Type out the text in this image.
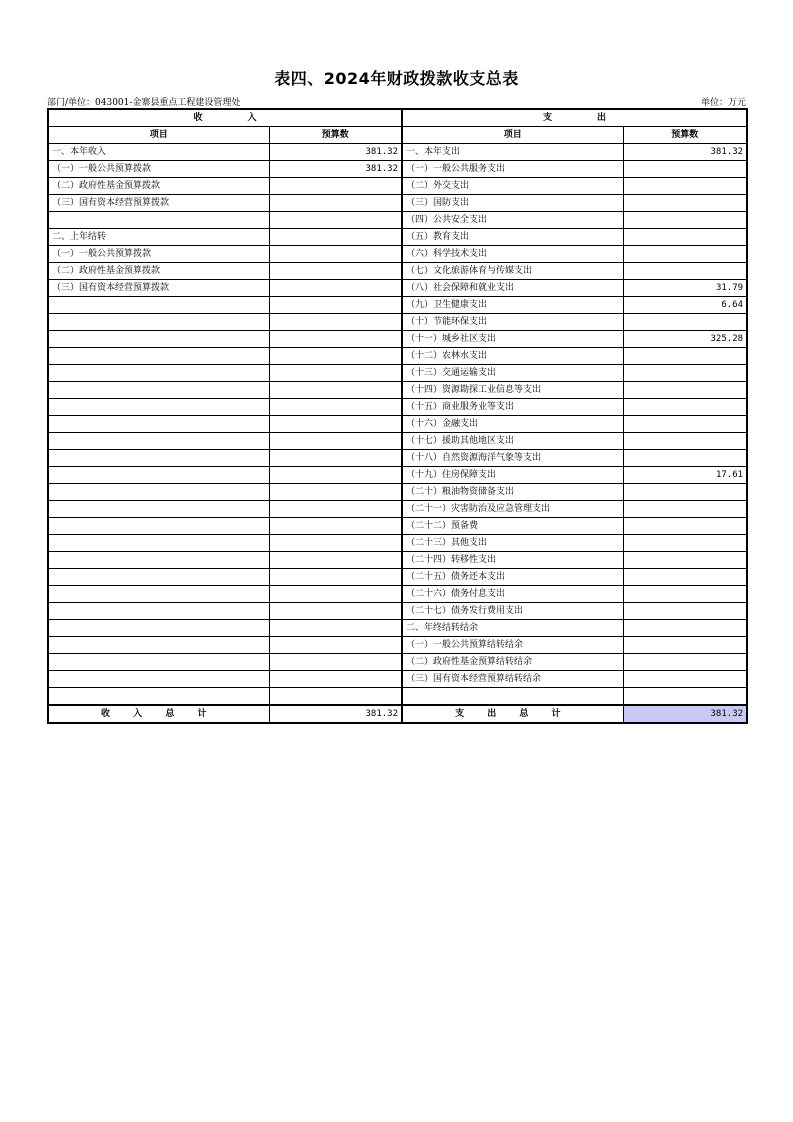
表四、2024年财政拨款收支总表
部门/单位：043001-金寨县重点工程建设管理处	单位：万元
收　　　　　入		支　　　　　出	
项目	预算数	项目	预算数
一、本年收入	381.32	一、本年支出	381.32
（一）一般公共预算拨款	381.32	（一）一般公共服务支出	
（二）政府性基金预算拨款		（二）外交支出	
（三）国有资本经营预算拨款		（三）国防支出	
		（四）公共安全支出	
二、上年结转		（五）教育支出	
（一）一般公共预算拨款		（六）科学技术支出	
（二）政府性基金预算拨款		（七）文化旅游体育与传媒支出	
（三）国有资本经营预算拨款		（八）社会保障和就业支出	31.79
		（九）卫生健康支出	6.64
		（十）节能环保支出	
		（十一）城乡社区支出	325.28
		（十二）农林水支出	
		（十三）交通运输支出	
		（十四）资源勘探工业信息等支出	
		（十五）商业服务业等支出	
		（十六）金融支出	
		（十七）援助其他地区支出	
		（十八）自然资源海洋气象等支出	
		（十九）住房保障支出	17.61
		（二十）粮油物资储备支出	
		（二十一）灾害防治及应急管理支出	
		（二十二）预备费	
		（二十三）其他支出	
		（二十四）转移性支出	
		（二十五）债务还本支出	
		（二十六）债务付息支出	
		（二十七）债务发行费用支出	
		二、年终结转结余	
		（一）一般公共预算结转结余	
		（二）政府性基金预算结转结余	
		（三）国有资本经营预算结转结余	

收 入 总 计	381.32	支 出 总 计	381.32
